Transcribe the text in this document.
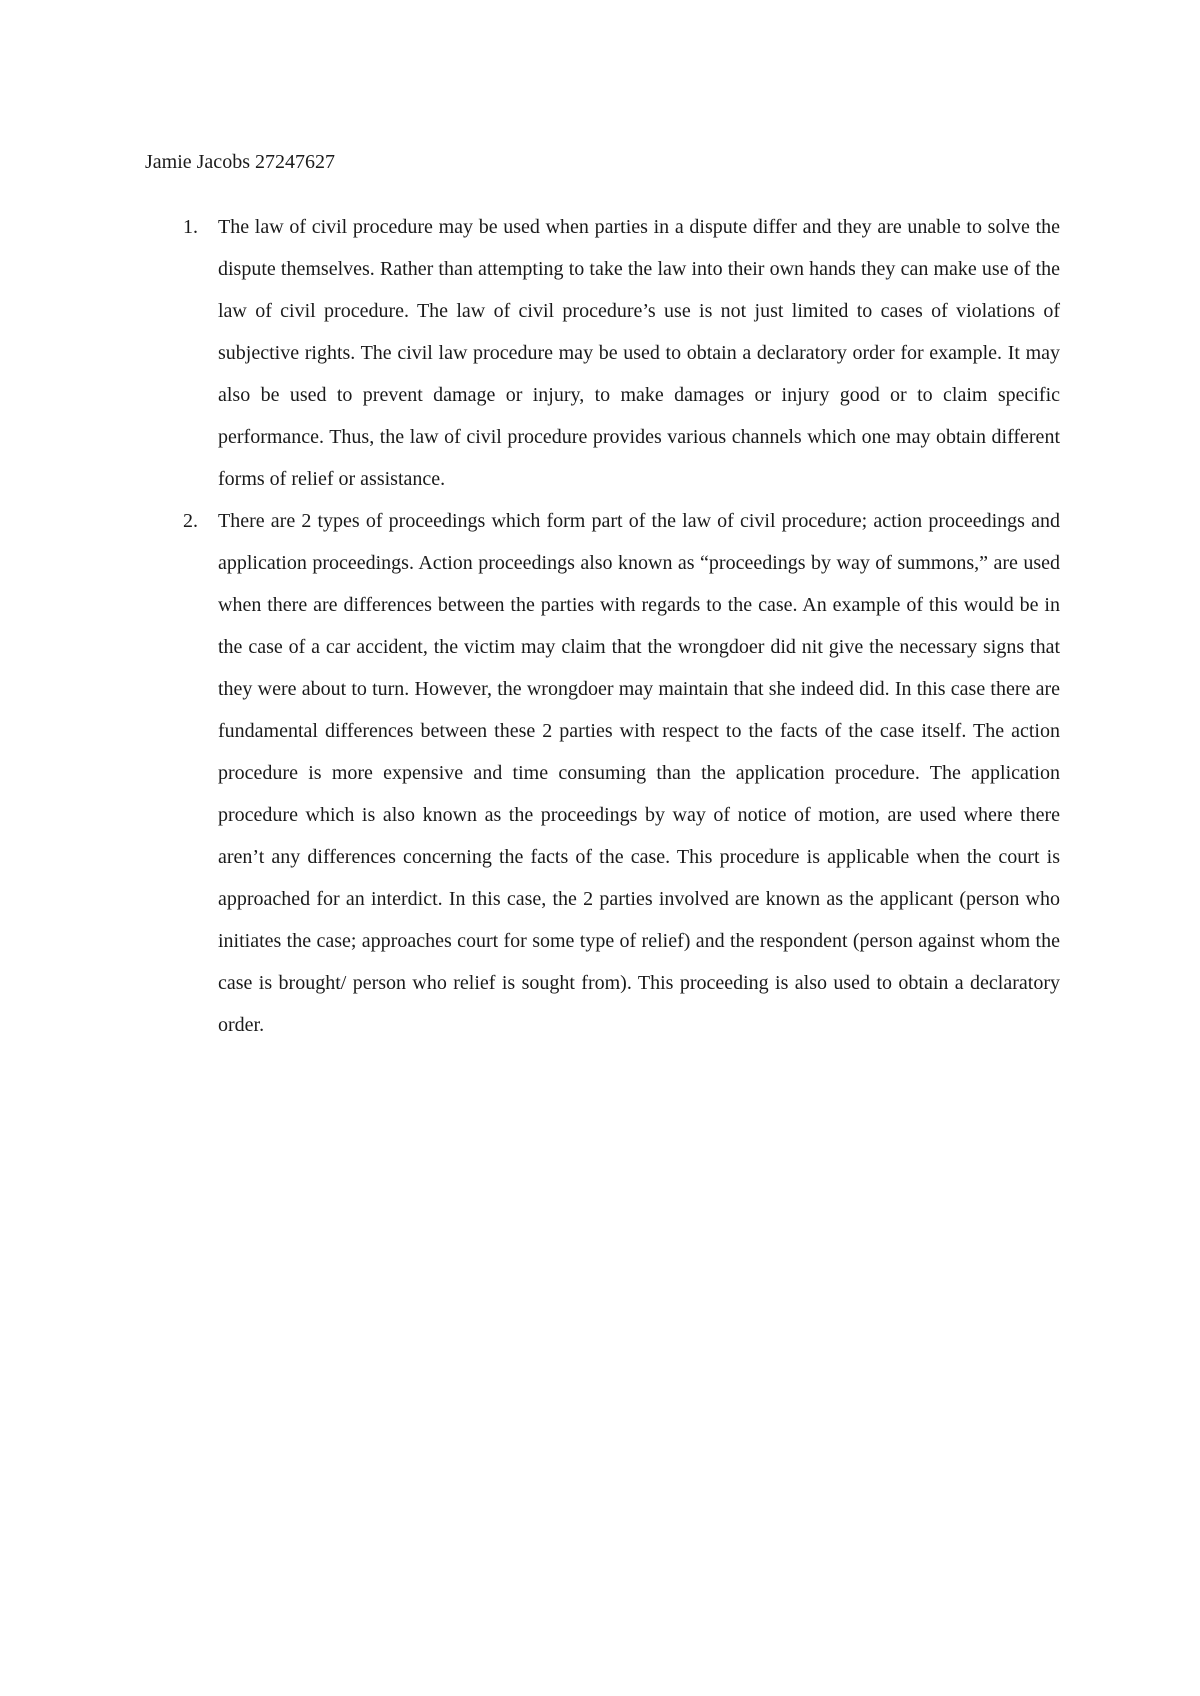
Jamie Jacobs 27247627
1.	The law of civil procedure may be used when parties in a dispute differ and they are unable to solve the dispute themselves. Rather than attempting to take the law into their own hands they can make use of the law of civil procedure. The law of civil procedure’s use is not just limited to cases of violations of subjective rights. The civil law procedure may be used to obtain a declaratory order for example. It may also be used to prevent damage or injury, to make damages or injury good or to claim specific performance. Thus, the law of civil procedure provides various channels which one may obtain different forms of relief or assistance.
2.	There are 2 types of proceedings which form part of the law of civil procedure; action proceedings and application proceedings. Action proceedings also known as “proceedings by way of summons,” are used when there are differences between the parties with regards to the case. An example of this would be in the case of a car accident, the victim may claim that the wrongdoer did nit give the necessary signs that they were about to turn. However, the wrongdoer may maintain that she indeed did. In this case there are fundamental differences between these 2 parties with respect to the facts of the case itself. The action procedure is more expensive and time consuming than the application procedure. The application procedure which is also known as the proceedings by way of notice of motion, are used where there aren’t any differences concerning the facts of the case. This procedure is applicable when the court is approached for an interdict. In this case, the 2 parties involved are known as the applicant (person who initiates the case; approaches court for some type of relief) and the respondent (person against whom the case is brought/ person who relief is sought from). This proceeding is also used to obtain a declaratory order.
